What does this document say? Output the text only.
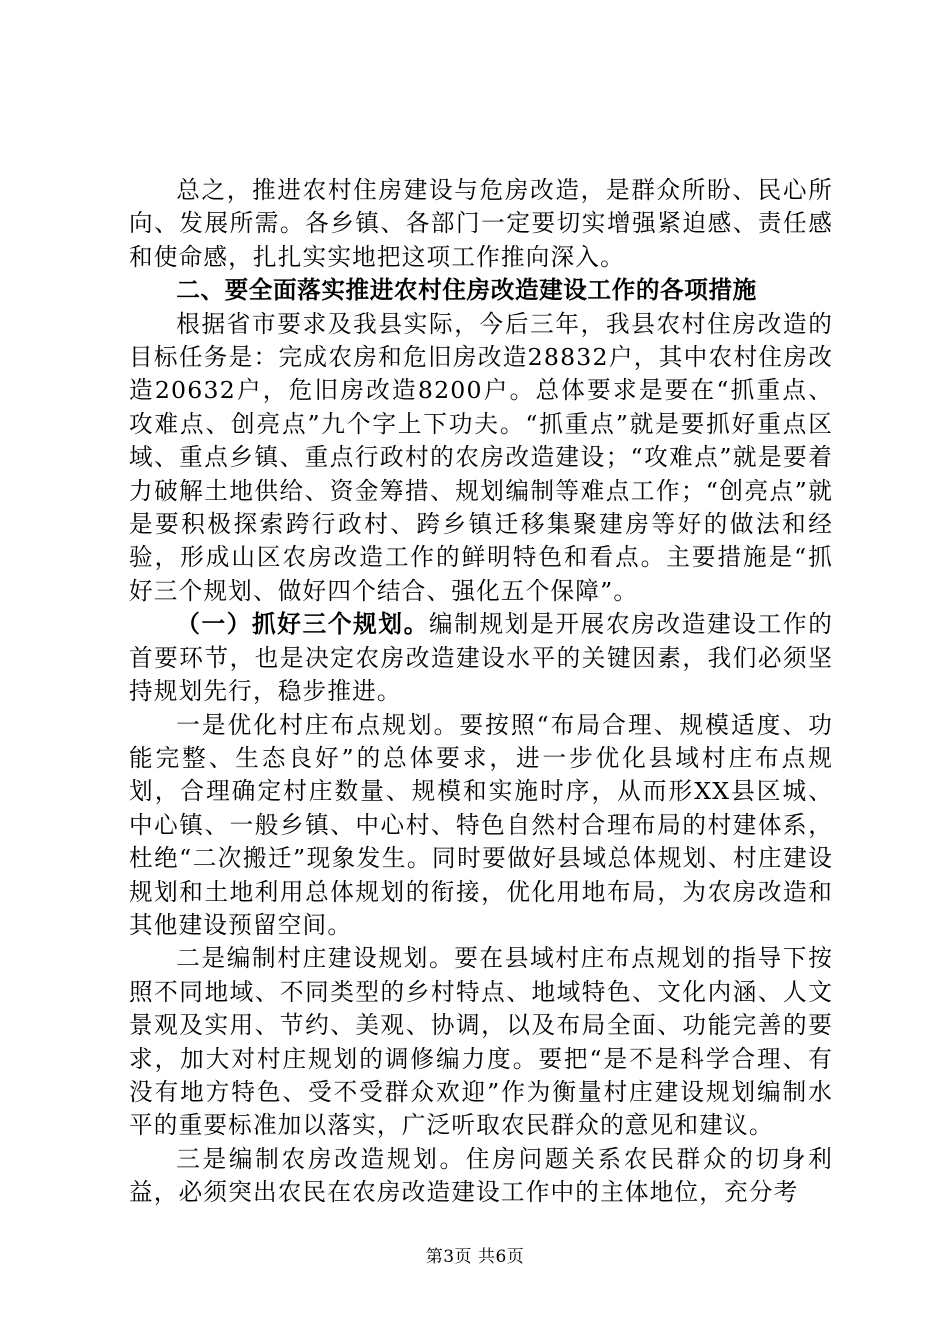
总之，推进农村住房建设与危房改造，是群众所盼、民心所向、发展所需。各乡镇、各部门一定要切实增强紧迫感、责任感和使命感，扎扎实实地把这项工作推向深入。

二、要全面落实推进农村住房改造建设工作的各项措施

根据省市要求及我县实际，今后三年，我县农村住房改造的目标任务是：完成农房和危旧房改造28832户，其中农村住房改造20632户，危旧房改造8200户。总体要求是要在“抓重点、攻难点、创亮点”九个字上下功夫。“抓重点”就是要抓好重点区域、重点乡镇、重点行政村的农房改造建设；“攻难点”就是要着力破解土地供给、资金筹措、规划编制等难点工作；“创亮点”就是要积极探索跨行政村、跨乡镇迁移集聚建房等好的做法和经验，形成山区农房改造工作的鲜明特色和看点。主要措施是“抓好三个规划、做好四个结合、强化五个保障”。

（一）抓好三个规划。编制规划是开展农房改造建设工作的首要环节，也是决定农房改造建设水平的关键因素，我们必须坚持规划先行，稳步推进。

一是优化村庄布点规划。要按照“布局合理、规模适度、功能完整、生态良好”的总体要求，进一步优化县域村庄布点规划，合理确定村庄数量、规模和实施时序，从而形XX县区城、中心镇、一般乡镇、中心村、特色自然村合理布局的村建体系，杜绝“二次搬迁”现象发生。同时要做好县域总体规划、村庄建设规划和土地利用总体规划的衔接，优化用地布局，为农房改造和其他建设预留空间。

二是编制村庄建设规划。要在县域村庄布点规划的指导下按照不同地域、不同类型的乡村特点、地域特色、文化内涵、人文景观及实用、节约、美观、协调，以及布局全面、功能完善的要求，加大对村庄规划的调修编力度。要把“是不是科学合理、有没有地方特色、受不受群众欢迎”作为衡量村庄建设规划编制水平的重要标准加以落实，广泛听取农民群众的意见和建议。

三是编制农房改造规划。住房问题关系农民群众的切身利益，必须突出农民在农房改造建设工作中的主体地位，充分考

第3页 共6页
